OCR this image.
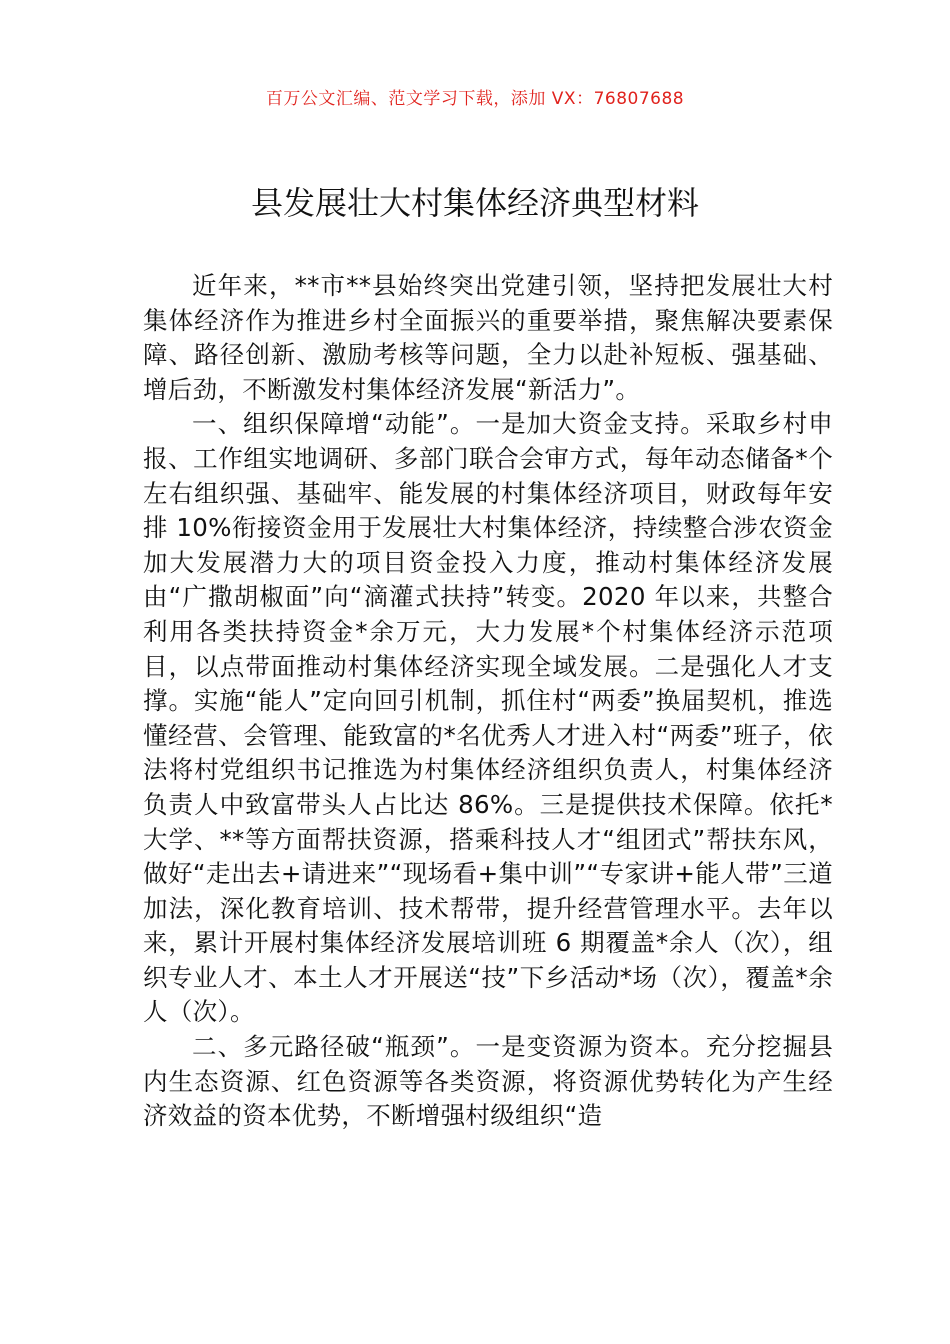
百万公文汇编、范文学习下载，添加 VX：76807688
县发展壮大村集体经济典型材料

近年来，**市**县始终突出党建引领，坚持把发展壮大村集体经济作为推进乡村全面振兴的重要举措，聚焦解决要素保障、路径创新、激励考核等问题，全力以赴补短板、强基础、增后劲，不断激发村集体经济发展“新活力”。

一、组织保障增“动能”。一是加大资金支持。采取乡村申报、工作组实地调研、多部门联合会审方式，每年动态储备*个左右组织强、基础牢、能发展的村集体经济项目，财政每年安排 10%衔接资金用于发展壮大村集体经济，持续整合涉农资金加大发展潜力大的项目资金投入力度，推动村集体经济发展由“广撒胡椒面”向“滴灌式扶持”转变。2020 年以来，共整合利用各类扶持资金*余万元，大力发展*个村集体经济示范项目，以点带面推动村集体经济实现全域发展。二是强化人才支撑。实施“能人”定向回引机制，抓住村“两委”换届契机，推选懂经营、会管理、能致富的*名优秀人才进入村“两委”班子，依法将村党组织书记推选为村集体经济组织负责人，村集体经济负责人中致富带头人占比达 86%。三是提供技术保障。依托*大学、**等方面帮扶资源，搭乘科技人才“组团式”帮扶东风，做好“走出去+请进来”“现场看+集中训”“专家讲+能人带”三道加法，深化教育培训、技术帮带，提升经营管理水平。去年以来，累计开展村集体经济发展培训班 6 期覆盖*余人（次），组织专业人才、本土人才开展送“技”下乡活动*场（次），覆盖*余人（次）。

二、多元路径破“瓶颈”。一是变资源为资本。充分挖掘县内生态资源、红色资源等各类资源，将资源优势转化为产生经济效益的资本优势，不断增强村级组织“造
